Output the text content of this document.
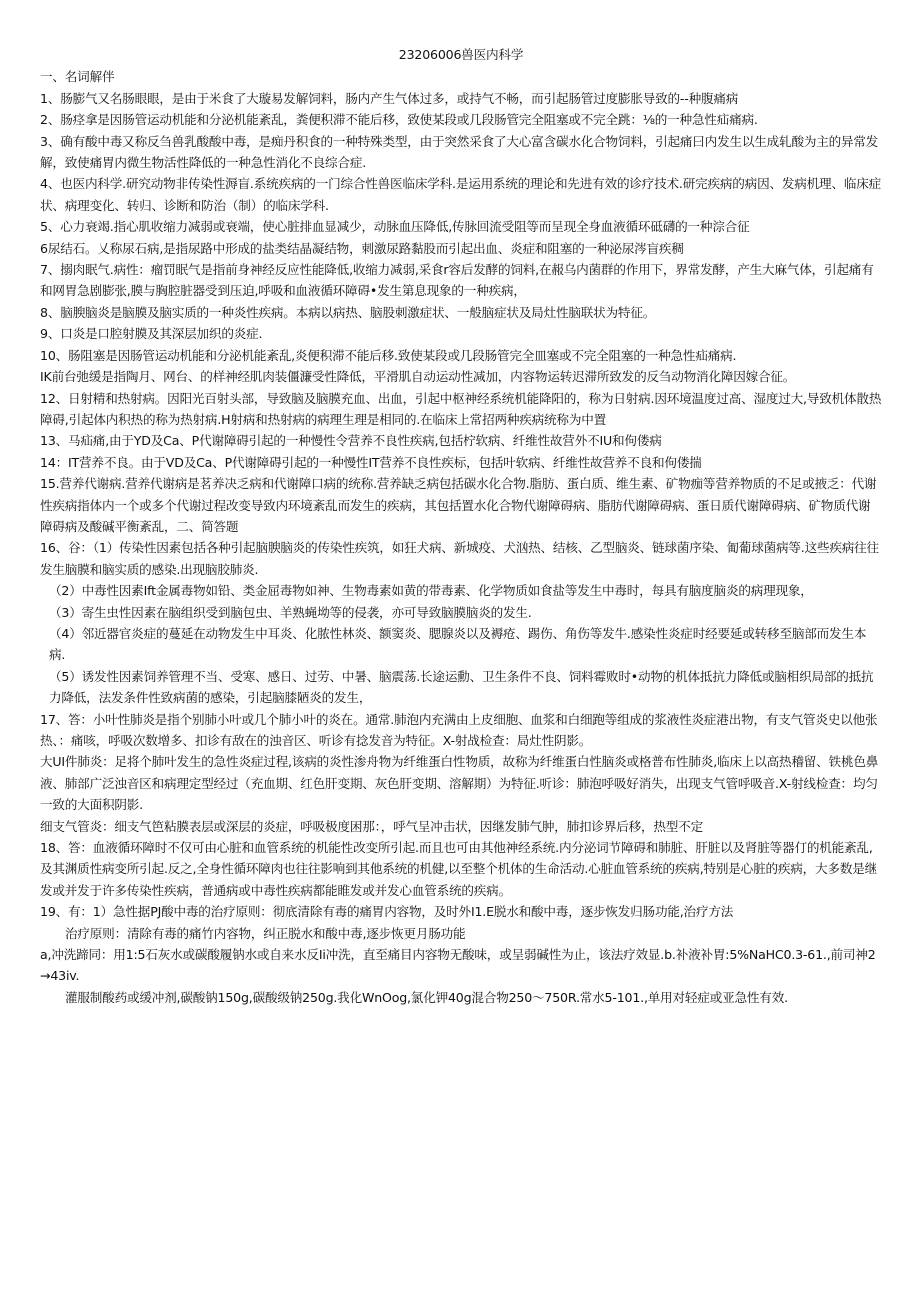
23206006兽医内科学

一、名词解伴

1、肠膨气又名肠眼眼，是由于米食了大璇易发解饲料，肠内产生气体过多，或持气不畅，而引起肠管过度膨胀导致的--种腹痛病

2、肠痉拿是因肠管运动机能和分泌机能紊乱，粪便积滞不能后移，致使某段或几段肠管完全阻塞或不完全跳：⅛的一种急性疝痛病.

3、确有酸中毒又称反刍兽乳酸酸中毒，是痴丹积食的一种特殊类型，由于突然采食了大心富含碳水化合物饲料，引起痛曰内发生以生成轧酸为主的异常发解，致使痛胃内微生物活性降低的一种急性消化不良综合症.

4、也医内科学.研究动物非传染性溽盲.系统疾病的一门综合性兽医临床学科.是运用系统的理论和先进有效的诊疗技术.研完疾病的病因、发病机理、临床症状、病理变化、转归、诊断和防治（制）的临床学科.

5、心力衰竭.指心肌收缩力减弱或衰端，使心脏排血显减少，动脉血压降低,传脉回流受阻等而呈现全身血液循环砥礴的一种淙合征

6尿结石。乂称尿石病,是指尿路中形成的盐类结晶凝结物，刺激尿路黏股而引起出血、炎症和阻塞的一种泌尿涔盲疾稠

7、搦肉眠气.病性：瘤罚眠气是指前身神经反应性能降低,收缩力减弱,采食r容后发酵的饲料,在赧乌内菌群的作用下，界常发酵，产生大麻气体，引起痛有和网胃急剧膨张,膜与胸腔脏器受到压迫,呼吸和血液循环障碍•发生第息现象的一种疾病，

8、脑腴脑炎是脑膜及脑实质的一种炎性疾病。本病以病热、脑股刺激症状、一般脑症状及局灶性脑联状为特征。

9、口炎是口腔射膜及其深层加织的炎症.

10、肠阻塞是因肠管运动机能和分泌机能紊乱,炎便积滞不能后移.致使某段或几段肠管完全皿塞或不完全阻塞的一种急性疝痛病.

IK前台弛缓是指陶月、网台、的样神经肌肉装僵濂受性降低，平滑肌自动运动性减加，内容物运转迟滞所致发的反刍动物消化障因嫁合征。

12、日射精和热射病。因阳光百射头部，导致脑及脑膜充血、出血，引起中枢神经系统机能降阳的，称为日射病.因环境温度过高、湿度过大,导致机体散热障碍,引起体内积热的称为热射病.H射病和热射病的病理生理是相同的.在临床上常招两种疾病统称为中置

13、马疝痛,由于YD及Ca、P代谢障碍引起的一种慢性令营养不良性疾病,包括柠软病、纤维性故营外不IU和佝偻病

14：IT营养不良。由于VD及Ca、P代谢障碍引起的一种慢性IT营养不良性疾标，包括叶软病、纤维性故营养不良和佝偻揣

15.营养代谢病.营养代谢病是茗养决乏病和代谢障口病的统称.营养缺乏病包括碳水化合物.脂肪、蛋白质、维生素、矿物痂等营养物质的不足或掖乏：代谢性疾病指体内一个或多个代谢过程改变导致内环境紊乱而发生的疾病，其包括置水化合物代谢障碍病、脂肪代谢障碍病、蛋日质代谢障碍病、矿物质代谢障碍病及酸碱平衡紊乱，二、简答题

16、谷：（1）传染性因素包括各种引起脑腴脑炎的传染性疾筑，如狂犬病、新城疫、犬汹热、结核、乙型脑炎、链球菌序染、匍葡球菌病等.这些疾病往往发生脑膜和脑实质的感染.出现脑胶肺炎.

（2）中毒性因素Ift金属毒物如铅、类金屈毒物如神、生物毒素如黄的带毒素、化学物质如食盐等发生中毒时，每具有脑度脑炎的病理现象，

（3）寄生虫性因素在脑组织受到脑包虫、羊熟蝇坳等的侵袭，亦可导致脑膜脑炎的发生.

（4）邻近器官炎症的蔓延在动物发生中耳炎、化脓性林炎、额窦炎、腮腺炎以及褥疮、踢伤、角伤等发牛.感染性炎症时经要延或转移至脑部而发生本病.

（5）诱发性因素饲养管理不当、受寒、感日、过劳、中暑、脑震荡.长途运勳、卫生条件不良、饲料霉败时•动物的机体抵抗力降低或脑相织局部的抵抗力降低，法发条件性致病菌的感染，引起脑膝陋炎的发生，

17、答：小叶性肺炎是指个别肺小叶或几个肺小叶的炎在。通常.肺泡内充满由上皮细胞、血浆和白细跑等组成的浆液性炎症港出物，有支气管炎史以他张热、：痛咳，呼吸次数增多、扣诊有敌在的浊音区、听诊有捻发音为特征。X-射战检查：局灶性阴影。

大UI件肺炎：足将个肺叶发生的急性炎症过程,该病的炎性渗舟物为纤维蛋白性物质，故称为纤维蛋白性脑炎或格普布性肺炎,临床上以高热稽留、铁桃色鼻液、肺部广泛浊音区和病理定型经过（充血期、红色肝变期、灰色肝变期、溶解期）为特征.听诊：肺泡呼吸好消失，出现支气管呼吸音.X-射线检查：均匀一致的大面积阴影.

细支气管炎：细支气笆粘膜表层或深层的炎症，呼吸极度困那：，呼气呈冲击状，因继发肺气肿，肺扣诊界后移，热型不定

18、答：血液循环障时不仅可由心脏和血管系统的机能性改变所引起.而且也可由其他神经系统.内分泌词节障碍和肺脏、肝脏以及肾脏等器仃的机能紊乱,及其渊质性病变所引起.反之,全身性循环障肉也往往影响到其他系统的机健,以至整个机体的生命活动.心脏血管系统的疾病,特别是心脏的疾病，大多数是继发或并发于许多传染性疾病，普通病或中毒性疾病都能睢发或并发心血管系统的疾病。

19、有：1）急性据PJ酸中毒的治疗原则：彻底清除有毒的痛胃内容物，及时外I1.E脱水和酸中毒，逐步恢发归肠功能,治疗方法

治疗原则：清除有毒的痛竹内容物，纠正脱水和酸中毒,逐步恢更月肠功能

a,冲洗蹄同：用1:5石灰水或碳酸履钠水或自来水反Ii冲洗，直至痛目内容物无酸味，或呈弱碱性为止，该法疗效显.b.补液补胃:5%NaHC0.3-61.,前司神2→43iv.

灌服制酸药或缓冲剂,碳酸钠150g,碳酸级钠250g.我化WnOog,氯化钾40g混合物250～750R.常水5-101.,单用对轻症或亚急性有效.
